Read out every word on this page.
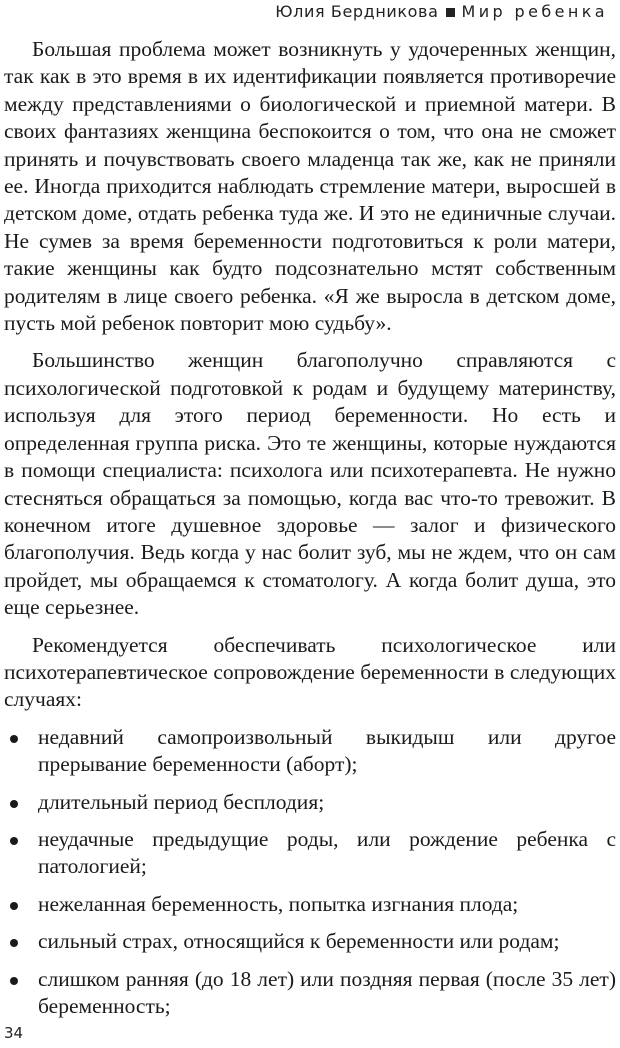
Юлия Бердникова Мир ребенка

Большая проблема может возникнуть у удочеренных женщин, так как в это время в их идентификации появляется противоречие между представлениями о биологической и приемной матери. В своих фантазиях женщина беспокоится о том, что она не сможет принять и почувствовать своего младенца так же, как не приняли ее. Иногда приходится наблюдать стремление матери, выросшей в детском доме, отдать ребенка туда же. И это не единичные случаи. Не сумев за время беременности подготовиться к роли матери, такие женщины как будто подсознательно мстят собственным родителям в лице своего ребенка. «Я же выросла в детском доме, пусть мой ребенок повторит мою судьбу».

Большинство женщин благополучно справляются с психологической подготовкой к родам и будущему материнству, используя для этого период беременности. Но есть и определенная группа риска. Это те женщины, которые нуждаются в помощи специалиста: психолога или психотерапевта. Не нужно стесняться обращаться за помощью, когда вас что-то тревожит. В конечном итоге душевное здоровье — залог и физического благополучия. Ведь когда у нас болит зуб, мы не ждем, что он сам пройдет, мы обращаемся к стоматологу. А когда болит душа, это еще серьезнее.

Рекомендуется обеспечивать психологическое или психотерапевтическое сопровождение беременности в следующих случаях:

недавний самопроизвольный выкидыш или другое прерывание беременности (аборт);
длительный период бесплодия;
неудачные предыдущие роды, или рождение ребенка с патологией;
нежеланная беременность, попытка изгнания плода;
сильный страх, относящийся к беременности или родам;
слишком ранняя (до 18 лет) или поздняя первая (после 35 лет) беременность;
34
